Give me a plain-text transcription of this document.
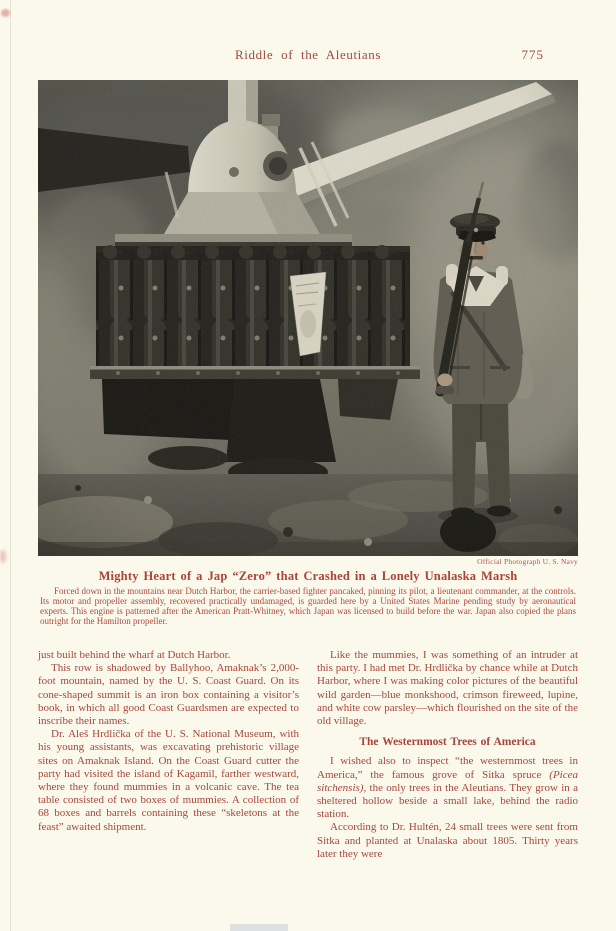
Riddle of the Aleutians	775
Official Photograph U. S. Navy
Mighty Heart of a Jap “Zero” that Crashed in a Lonely Unalaska Marsh

Forced down in the mountains near Dutch Harbor, the carrier-based fighter pancaked, pinning its pilot, a lieutenant commander, at the controls. Its motor and propeller assembly, recovered practically undamaged, is guarded here by a United States Marine pending study by aeronautical experts. This engine is patterned after the American Pratt-Whitney, which Japan was licensed to build before the war. Japan also copied the plans outright for the Hamilton propeller.

just built behind the wharf at Dutch Harbor.

This row is shadowed by Ballyhoo, Amaknak’s 2,000-foot mountain, named by the U. S. Coast Guard. On its cone-shaped summit is an iron box containing a visitor’s book, in which all good Coast Guardsmen are expected to inscribe their names.

Dr. Aleš Hrdlička of the U. S. National Museum, with his young assistants, was excavating prehistoric village sites on Amaknak Island. On the Coast Guard cutter the party had visited the island of Kagamil, farther westward, where they found mummies in a volcanic cave. The tea table consisted of two boxes of mummies. A collection of 68 boxes and barrels containing these “skeletons at the feast” awaited shipment.

Like the mummies, I was something of an intruder at this party. I had met Dr. Hrdlička by chance while at Dutch Harbor, where I was making color pictures of the beautiful wild garden—blue monkshood, crimson fireweed, lupine, and white cow parsley—which flourished on the site of the old village.

The Westernmost Trees of America

I wished also to inspect “the westernmost trees in America,” the famous grove of Sitka spruce (Picea sitchensis), the only trees in the Aleutians. They grow in a sheltered hollow beside a small lake, behind the radio station.

According to Dr. Hultén, 24 small trees were sent from Sitka and planted at Unalaska about 1805. Thirty years later they were
